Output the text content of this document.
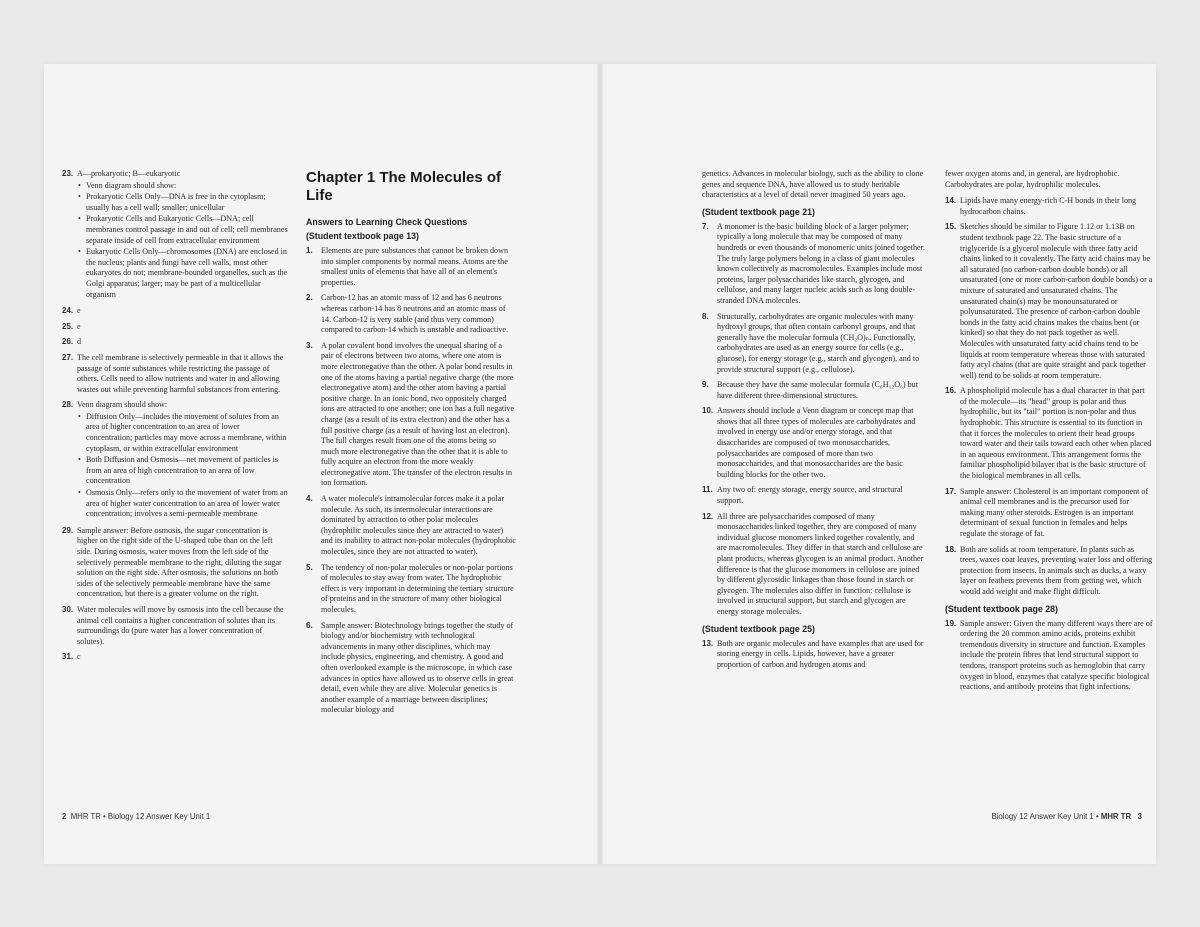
23. A—prokaryotic; B—eukaryotic
• Venn diagram should show:
• Prokaryotic Cells Only—DNA is free in the cytoplasm; usually has a cell wall; smaller; unicellular
• Prokaryotic Cells and Eukaryotic Cells—DNA; cell membranes control passage in and out of cell; cell membranes separate inside of cell from extracellular environment
• Eukaryotic Cells Only—chromosomes (DNA) are enclosed in the nucleus; plants and fungi have cell walls, most other eukaryotes do not; membrane-bounded organelles, such as the Golgi apparatus; larger; may be part of a multicellular organism
24. e
25. e
26. d
27. The cell membrane is selectively permeable in that it allows the passage of some substances while restricting the passage of others. Cells need to allow nutrients and water in and allowing wastes out while preventing harmful substances from entering.
28. Venn diagram should show:
• Diffusion Only—includes the movement of solutes from an area of higher concentration to an area of lower concentration; particles may move across a membrane, within cytoplasm, or within extracellular environment
• Both Diffusion and Osmosis—net movement of particles is from an area of high concentration to an area of low concentration
• Osmosis Only—refers only to the movement of water from an area of higher water concentration to an area of lower water concentration; involves a semi-permeable membrane
29. Sample answer: Before osmosis, the sugar concentration is higher on the right side of the U-shaped tube than on the left side. During osmosis, water moves from the left side of the selectively permeable membrane to the right, diluting the sugar solution on the right side. After osmosis, the solutions on both sides of the selectively permeable membrane have the same concentration, but there is a greater volume on the right.
30. Water molecules will move by osmosis into the cell because the animal cell contains a higher concentration of solutes than its surroundings do (pure water has a lower concentration of solutes).
31. c
Chapter 1 The Molecules of Life
Answers to Learning Check Questions
(Student textbook page 13)
1.	Elements are pure substances that cannot be broken down into simpler components by normal means. Atoms are the smallest units of elements that have all of an element's properties.
2.	Carbon-12 has an atomic mass of 12 and has 6 neutrons whereas carbon-14 has 8 neutrons and an atomic mass of 14. Carbon-12 is very stable (and thus very common) compared to carbon-14 which is unstable and radioactive.
3.	A polar covalent bond involves the unequal sharing of a pair of electrons between two atoms, where one atom is more electronegative than the other. A polar bond results in one of the atoms having a partial negative charge (the more electronegative atom) and the other atom having a partial positive charge. In an ionic bond, two oppositely charged ions are attracted to one another; one ion has a full negative charge (as a result of its extra electron) and the other has a full positive charge (as a result of having lost an electron). The full charges result from one of the atoms being so much more electronegative than the other that it is able to fully acquire an electron from the more weakly electronegative atom. The transfer of the electron results in ion formation.
4.	A water molecule's intramolecular forces make it a polar molecule. As such, its intermolecular interactions are dominated by attraction to other polar molecules (hydrophilic molecules since they are attracted to water) and its inability to attract non-polar molecules (hydrophobic molecules, since they are not attracted to water).
5.	The tendency of non-polar molecules or non-polar portions of molecules to stay away from water. The hydrophobic effect is very important in determining the tertiary structure of proteins and in the structure of many other biological molecules.
6.	Sample answer: Biotechnology brings together the study of biology and/or biochemistry with technological advancements in many other disciplines, which may include physics, engineering, and chemistry. A good and often overlooked example is the microscope, in which case advances in optics have allowed us to observe cells in great detail, even while they are alive. Molecular genetics is another example of a marriage between disciplines; molecular biology and
2 MHR TR • Biology 12 Answer Key Unit 1
genetics. Advances in molecular biology, such as the ability to clone genes and sequence DNA, have allowed us to study heritable characteristics at a level of detail never imagined 50 years ago.
(Student textbook page 21)
7.	A monomer is the basic building block of a larger polymer; typically a long molecule that may be composed of many hundreds or even thousands of monomeric units joined together. The truly large polymers belong in a class of giant molecules known collectively as macromolecules. Examples include most proteins, larger polysaccharides like starch, glycogen, and cellulose, and many larger nucleic acids such as long double-stranded DNA molecules.
8.	Structurally, carbohydrates are organic molecules with many hydroxyl groups, that often contain carbonyl groups, and that generally have the molecular formula (CH₂O)ₙ. Functionally, carbohydrates are used as an energy source for cells (e.g., glucose), for energy storage (e.g., starch and glycogen), and to provide structural support (e.g., cellulose).
9.	Because they have the same molecular formula (C₆H₁₂O₆) but have different three-dimensional structures.
10. Answers should include a Venn diagram or concept map that shows that all three types of molecules are carbohydrates and involved in energy use and/or energy storage, and that disaccharides are composed of two monosaccharides, polysaccharides are composed of more than two monosaccharides, and that monosaccharides are the basic building blocks for the other two.
11. Any two of: energy storage, energy source, and structural support.
12. All three are polysaccharides composed of many monosaccharides linked together, they are composed of many individual glucose monomers linked together covalently, and are macromolecules. They differ in that starch and cellulose are plant products, whereas glycogen is an animal product. Another difference is that the glucose monomers in cellulose are joined by different glycosidic linkages than those found in starch or glycogen. The molecules also differ in function: cellulose is involved in structural support, but starch and glycogen are energy storage molecules.
(Student textbook page 25)
13. Both are organic molecules and have examples that are used for storing energy in cells. Lipids, however, have a greater proportion of carbon and hydrogen atoms and
fewer oxygen atoms and, in general, are hydrophobic. Carbohydrates are polar, hydrophilic molecules.
14. Lipids have many energy-rich C-H bonds in their long hydrocarbon chains.
15. Sketches should be similar to Figure 1.12 or 1.13B on student textbook page 22. The basic structure of a triglyceride is a glycerol molecule with three fatty acid chains linked to it covalently. The fatty acid chains may be all saturated (no carbon-carbon double bonds) or all unsaturated (one or more carbon-carbon double bonds) or a mixture of saturated and unsaturated chains. The unsaturated chain(s) may be monounsaturated or polyunsaturated. The presence of carbon-carbon double bonds in the fatty acid chains makes the chains bent (or kinked) so that they do not pack together as well. Molecules with unsaturated fatty acid chains tend to be liquids at room temperature whereas those with saturated fatty acyl chains (that are quite straight and pack together well) tend to be solids at room temperature.
16. A phospholipid molecule has a dual character in that part of the molecule—its "head" group is polar and thus hydrophilic, but its "tail" portion is non-polar and thus hydrophobic. This structure is essential to its function in that it forces the molecules to orient their head groups toward water and their tails toward each other when placed in an aqueous environment. This arrangement forms the familiar phospholipid bilayer that is the basic structure of the biological membranes in all cells.
17. Sample answer: Cholesterol is an important component of animal cell membranes and is the precursor used for making many other steroids. Estrogen is an important determinant of sexual function in females and helps regulate the storage of fat.
18. Both are solids at room temperature. In plants such as trees, waxes coat leaves, preventing water loss and offering protection from insects. In animals such as ducks, a waxy layer on feathers prevents them from getting wet, which would add weight and make flight difficult.
(Student textbook page 28)
19. Sample answer: Given the many different ways there are of ordering the 20 common amino acids, proteins exhibit tremendous diversity in structure and function. Examples include the protein fibres that lend structural support to tendons, transport proteins such as hemoglobin that carry oxygen in blood, enzymes that catalyze specific biological reactions, and antibody proteins that fight infections.
Biology 12 Answer Key Unit 1 • MHR TR 3
